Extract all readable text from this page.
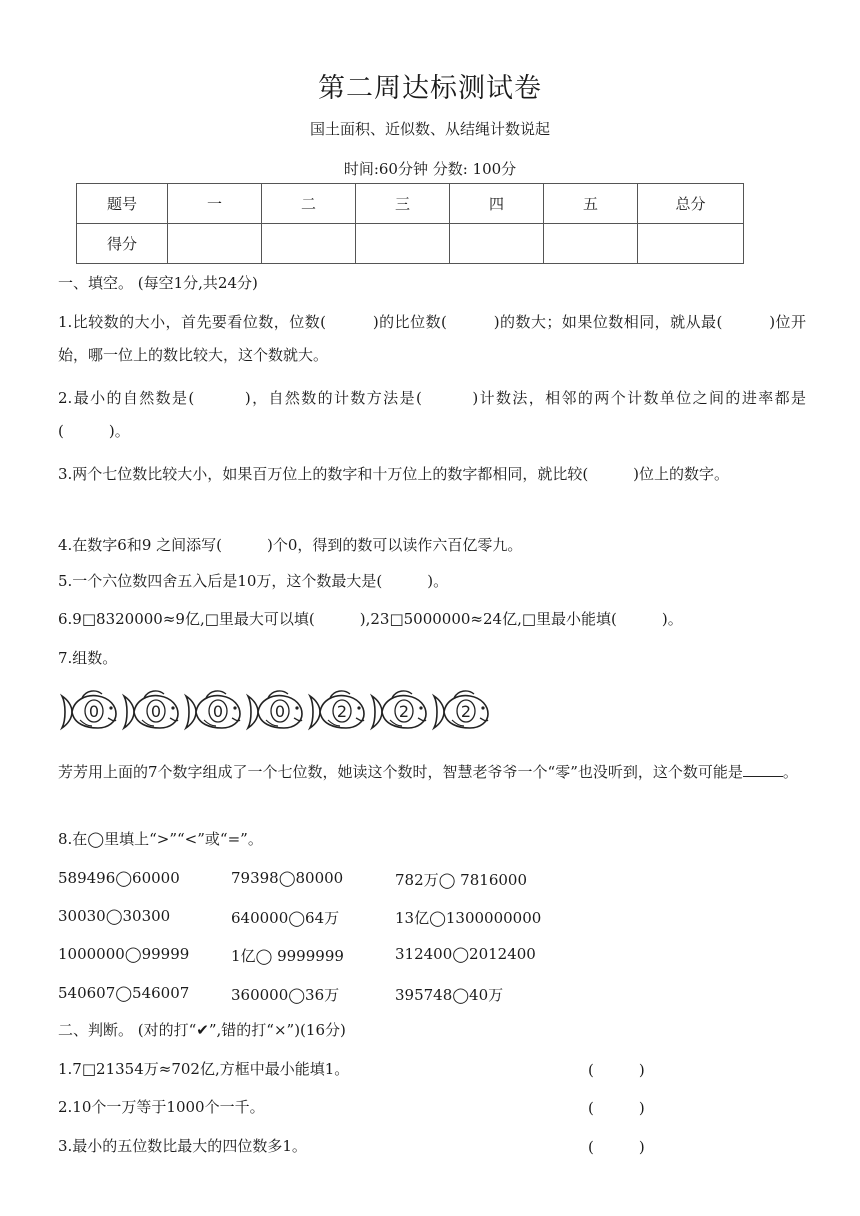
第二周达标测试卷
国土面积、近似数、从结绳计数说起
时间:60分钟 分数: 100分
题号	一	二	三	四	五	总分
得分						
一、填空。 (每空1分,共24分)
1.比较数的大小，首先要看位数，位数(　　　)的比位数(　　　)的数大；如果位数相同，就从最(　　　)位开始，哪一位上的数比较大，这个数就大。
2.最小的自然数是(　　　)，自然数的计数方法是(　　　)计数法，相邻的两个计数单位之间的进率都是(　　　)。
3.两个七位数比较大小，如果百万位上的数字和十万位上的数字都相同，就比较(　　　)位上的数字。
4.在数字6和9 之间添写(　　　)个0，得到的数可以读作六百亿零九。
5.一个六位数四舍五入后是10万，这个数最大是(　　　)。
6.9□8320000≈9亿,□里最大可以填(　　　),23□5000000≈24亿,□里最小能填(　　　)。
7.组数。
0	0	0	0	2	2	2
芳芳用上面的7个数字组成了一个七位数，她读这个数时，智慧老爷爷一个“零”也没听到，这个数可能是	。
8.在◯里填上“>”“<”或“=”。
589496◯60000	79398◯80000	782万◯ 7816000
30030◯30300	640000◯64万	13亿◯1300000000
1000000◯99999	1亿◯ 9999999	312400◯2012400
540607◯546007	360000◯36万	395748◯40万
二、判断。 (对的打“✔”,错的打“×”)(16分)
1.7□21354万≈702亿,方框中最小能填1。	(　　　)
2.10个一万等于1000个一千。	(　　　)
3.最小的五位数比最大的四位数多1。	(　　　)
